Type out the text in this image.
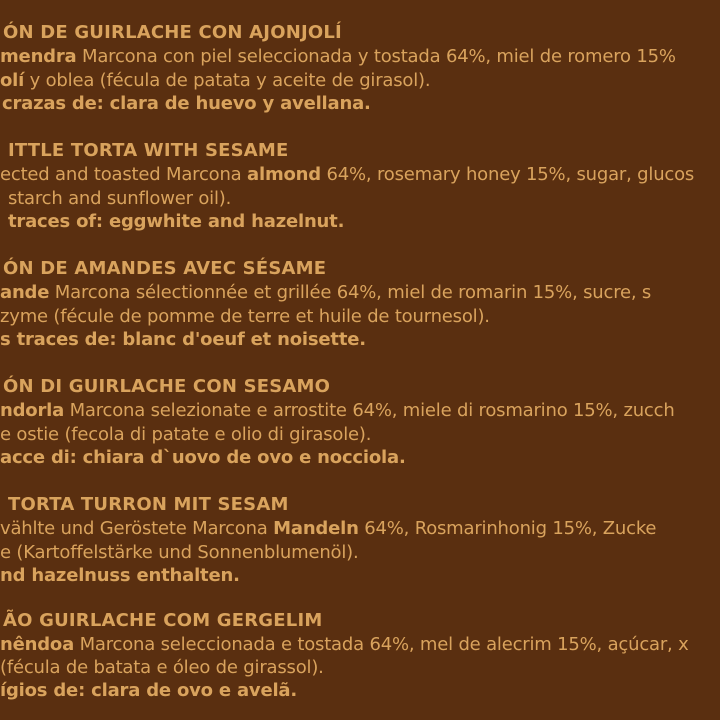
ÓN DE GUIRLACHE CON AJONJOLÍ
mendra Marcona con piel seleccionada y tostada 64%, miel de romero 15%
olí y oblea (fécula de patata y aceite de girasol).
crazas de: clara de huevo y avellana.
ITTLE TORTA WITH SESAME
ected and toasted Marcona almond 64%, rosemary honey 15%, sugar, glucos
starch and sunflower oil).
traces of: eggwhite and hazelnut.
ÓN DE AMANDES AVEC SÉSAME
ande Marcona sélectionnée et grillée 64%, miel de romarin 15%, sucre, s
zyme (fécule de pomme de terre et huile de tournesol).
s traces de: blanc d'oeuf et noisette.
ÓN DI GUIRLACHE CON SESAMO
ndorla Marcona selezionate e arrostite 64%, miele di rosmarino 15%, zucch
e ostie (fecola di patate e olio di girasole).
acce di: chiara d`uovo de ovo e nocciola.
TORTA TURRON MIT SESAM
vählte und Geröstete Marcona Mandeln 64%, Rosmarinhonig 15%, Zucke
e (Kartoffelstärke und Sonnenblumenöl).
nd hazelnuss enthalten.
ÃO GUIRLACHE COM GERGELIM
nêndoa Marcona seleccionada e tostada 64%, mel de alecrim 15%, açúcar, x
(fécula de batata e óleo de girassol).
ígios de: clara de ovo e avelã.
